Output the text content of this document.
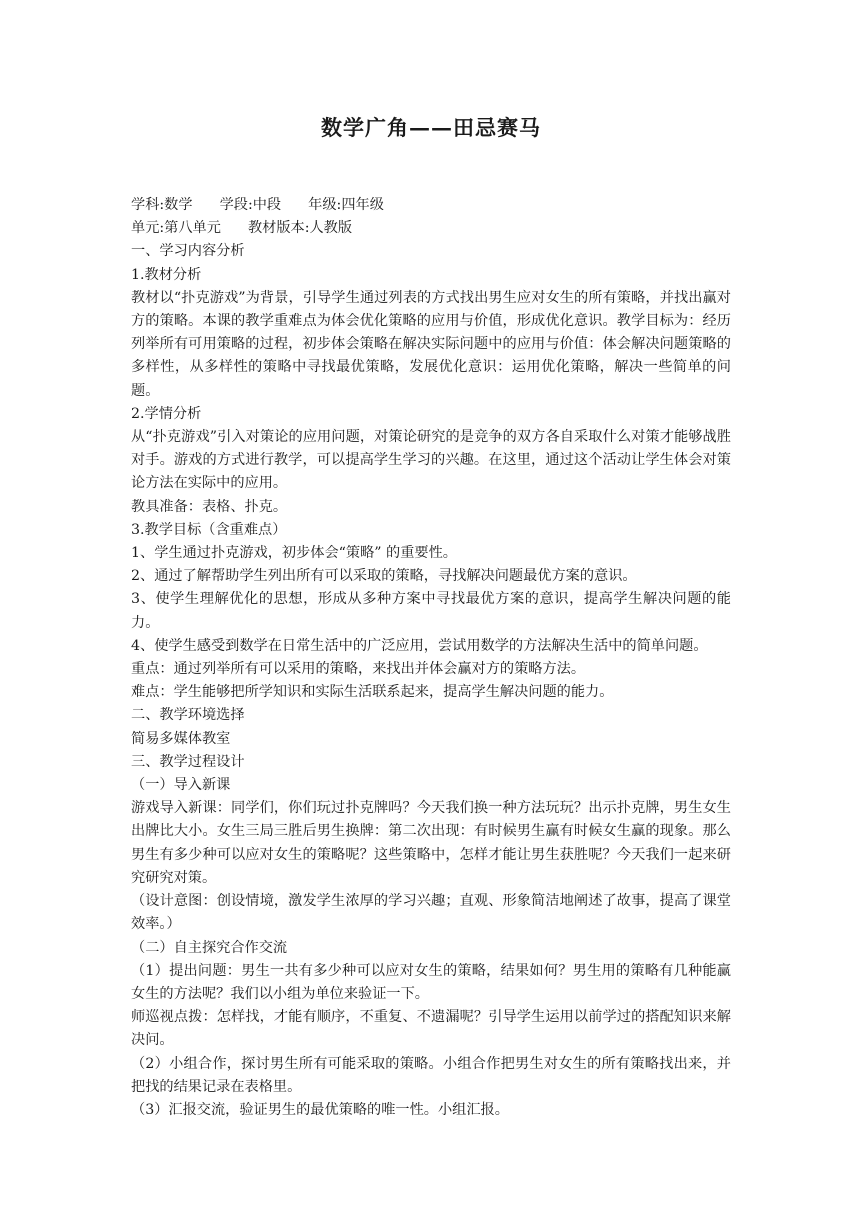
数学广角——田忌赛马

学科:数学      学段:中段      年级:四年级

单元:第八单元      教材版本:人教版

一、学习内容分析

1.教材分析

教材以“扑克游戏”为背景，引导学生通过列表的方式找出男生应对女生的所有策略，并找出赢对方的策略。本课的教学重难点为体会优化策略的应用与价值，形成优化意识。教学目标为：经历列举所有可用策略的过程，初步体会策略在解决实际问题中的应用与价值：体会解决问题策略的多样性，从多样性的策略中寻找最优策略，发展优化意识：运用优化策略，解决一些简单的问题。

2.学情分析

从“扑克游戏”引入对策论的应用问题，对策论研究的是竞争的双方各自采取什么对策才能够战胜对手。游戏的方式进行教学，可以提高学生学习的兴趣。在这里，通过这个活动让学生体会对策论方法在实际中的应用。

教具准备：表格、扑克。

3.教学目标（含重难点）

1、学生通过扑克游戏，初步体会“策略” 的重要性。

2、通过了解帮助学生列出所有可以采取的策略，寻找解决问题最优方案的意识。

3、使学生理解优化的思想，形成从多种方案中寻找最优方案的意识，提高学生解决问题的能力。

4、使学生感受到数学在日常生活中的广泛应用，尝试用数学的方法解决生活中的简单问题。

重点：通过列举所有可以采用的策略，来找出并体会赢对方的策略方法。

难点：学生能够把所学知识和实际生活联系起来，提高学生解决问题的能力。

二、教学环境选择

简易多媒体教室

三、教学过程设计

（一）导入新课

游戏导入新课：同学们，你们玩过扑克牌吗？今天我们换一种方法玩玩？出示扑克牌，男生女生出牌比大小。女生三局三胜后男生换牌：第二次出现：有时候男生赢有时候女生赢的现象。那么男生有多少种可以应对女生的策略呢？这些策略中，怎样才能让男生获胜呢？今天我们一起来研究研究对策。

（设计意图：创设情境，激发学生浓厚的学习兴趣；直观、形象简洁地阐述了故事，提高了课堂效率。）

（二）自主探究合作交流

（1）提出问题：男生一共有多少种可以应对女生的策略，结果如何？男生用的策略有几种能赢女生的方法呢？我们以小组为单位来验证一下。

师巡视点拨：怎样找，才能有顺序，不重复、不遗漏呢？引导学生运用以前学过的搭配知识来解决问。

（2）小组合作，探讨男生所有可能采取的策略。小组合作把男生对女生的所有策略找出来，并把找的结果记录在表格里。

（3）汇报交流，验证男生的最优策略的唯一性。小组汇报。
